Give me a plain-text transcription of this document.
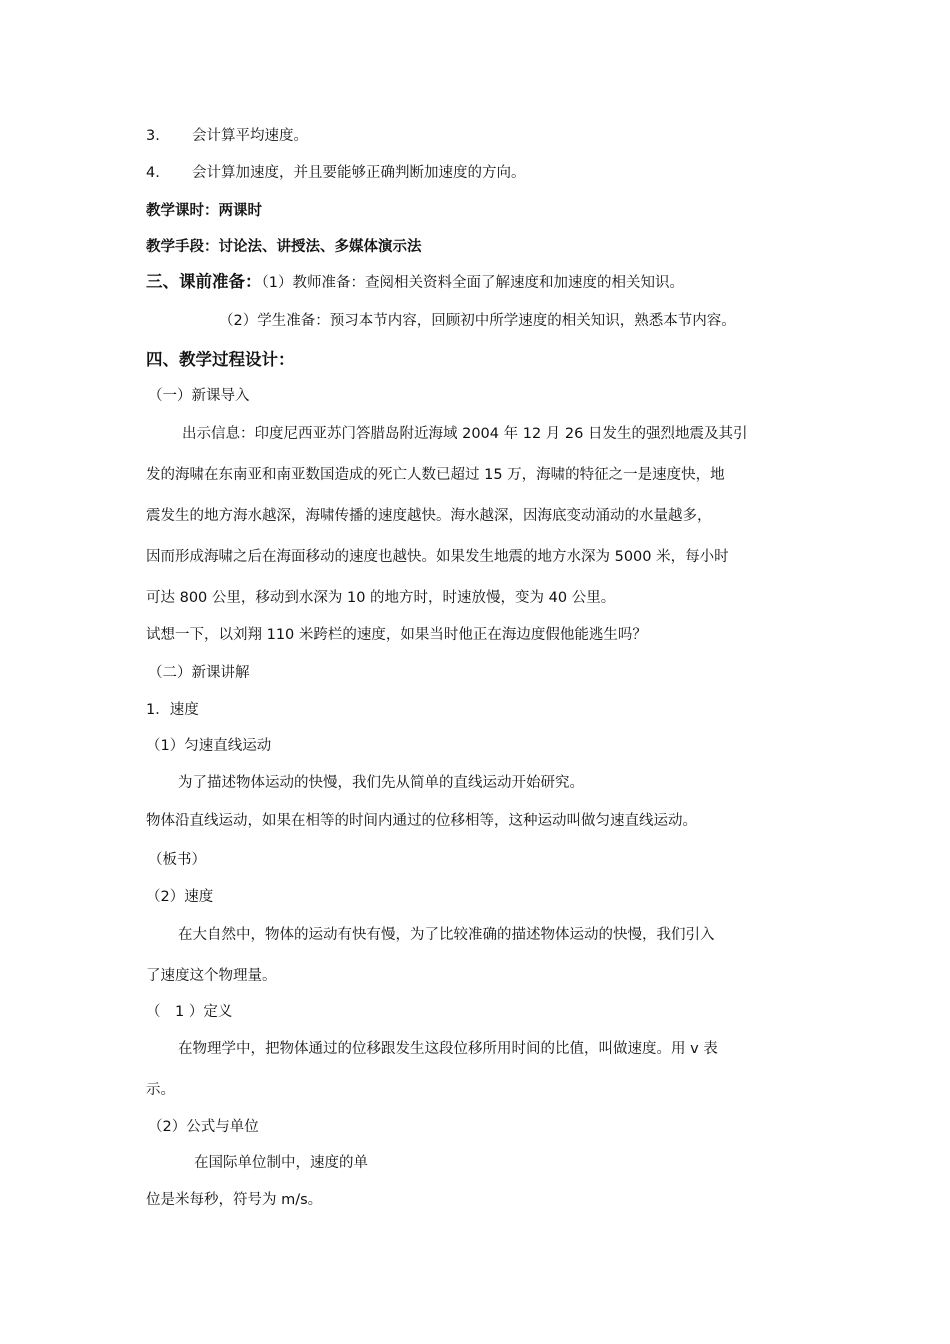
3. 会计算平均速度。
4. 会计算加速度，并且要能够正确判断加速度的方向。
教学课时：两课时
教学手段：讨论法、讲授法、多媒体演示法
三、课前准备：（1）教师准备：查阅相关资料全面了解速度和加速度的相关知识。
（2）学生准备：预习本节内容，回顾初中所学速度的相关知识，熟悉本节内容。
四、教学过程设计：
（一）新课导入
出示信息：印度尼西亚苏门答腊岛附近海域 2004 年 12 月 26 日发生的强烈地震及其引
发的海啸在东南亚和南亚数国造成的死亡人数已超过 15 万，海啸的特征之一是速度快，地
震发生的地方海水越深，海啸传播的速度越快。海水越深，因海底变动涌动的水量越多，
因而形成海啸之后在海面移动的速度也越快。如果发生地震的地方水深为 5000 米，每小时
可达 800 公里，移动到水深为 10 的地方时，时速放慢，变为 40 公里。
试想一下，以刘翔 110 米跨栏的速度，如果当时他正在海边度假他能逃生吗？
（二）新课讲解
1．速度
（1）匀速直线运动
为了描述物体运动的快慢，我们先从简单的直线运动开始研究。
物体沿直线运动，如果在相等的时间内通过的位移相等，这种运动叫做匀速直线运动。
（板书）
（2）速度
在大自然中，物体的运动有快有慢，为了比较准确的描述物体运动的快慢，我们引入
了速度这个物理量。
（　1 ）定义
在物理学中，把物体通过的位移跟发生这段位移所用时间的比值，叫做速度。用 v 表
示。
（2）公式与单位
在国际单位制中，速度的单
位是米每秒，符号为 m/s。
